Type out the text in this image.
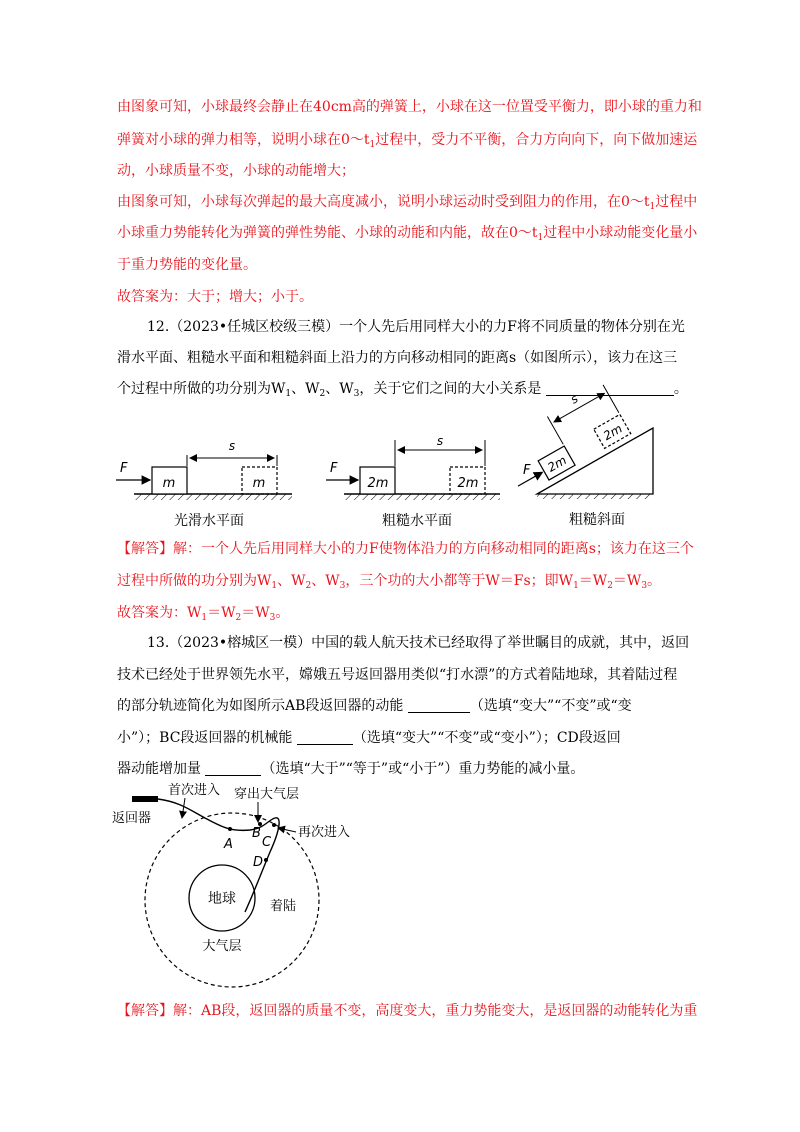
由图象可知，小球最终会静止在40cm高的弹簧上，小球在这一位置受平衡力，即小球的重力和
弹簧对小球的弹力相等，说明小球在$0\sim t_1$过程中，受力不平衡，合力方向向下，向下做加速运
动，小球质量不变，小球的动能增大；
由图象可知，小球每次弹起的最大高度减小，说明小球运动时受到阻力的作用，在$0\sim t_1$过程中
小球重力势能转化为弹簧的弹性势能、小球的动能和内能，故在$0\sim t_1$过程中小球动能变化量小
于重力势能的变化量。
故答案为：大于；增大；小于。
12.（2023•任城区校级三模）一个人先后用同样大小的力F将不同质量的物体分别在光
滑水平面、粗糙水平面和粗糙斜面上沿力的方向移动相同的距离s（如图所示），该力在这三
个过程中所做的功分别为$W_1$、$W_2$、$W_3$，关于它们之间的大小关系是	。
m	m
F
s
光滑水平面
2m	2m
F
s
粗糙水平面
2m
2m
s
F
粗糙斜面
【解答】解：一个人先后用同样大小的力F使物体沿力的方向移动相同的距离s；该力在这三个
过程中所做的功分别为$W_1$、$W_2$、$W_3$，三个功的大小都等于W＝Fs；即$W_1=W_2=W_3$。
故答案为：$W_1=W_2=W_3$。
13.（2023•榕城区一模）中国的载人航天技术已经取得了举世瞩目的成就，其中，返回
技术已经处于世界领先水平，嫦娥五号返回器用类似“打水漂”的方式着陆地球，其着陆过程
的部分轨迹简化为如图所示AB段返回器的动能	（选填“变大”“不变”或“变
小”）；BC段返回器的机械能	（选填“变大”“不变”或“变小”）；CD段返回
器动能增加量	（选填“大于”“等于”或“小于”）重力势能的减小量。
地球
A
B
C
D
首次进入 穿出大气层
再次进入
返回器
着陆
大气层
【解答】解：AB段，返回器的质量不变，高度变大，重力势能变大，是返回器的动能转化为重
